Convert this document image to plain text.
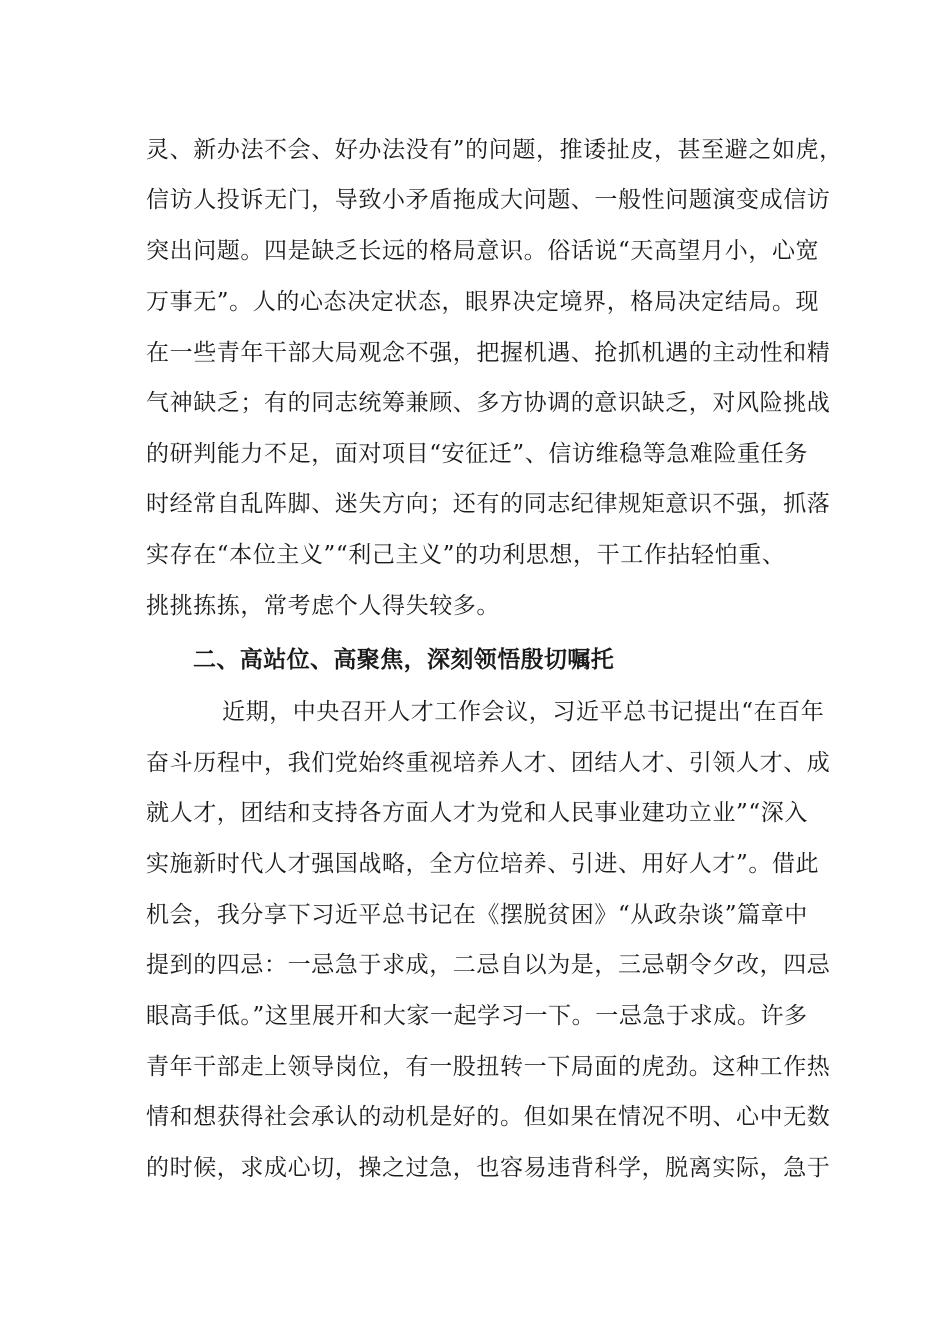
灵、新办法不会、好办法没有”的问题，推诿扯皮，甚至避之如虎，
信访人投诉无门，导致小矛盾拖成大问题、一般性问题演变成信访
突出问题。四是缺乏长远的格局意识。俗话说“天高望月小，心宽
万事无”。人的心态决定状态，眼界决定境界，格局决定结局。现
在一些青年干部大局观念不强，把握机遇、抢抓机遇的主动性和精
气神缺乏；有的同志统筹兼顾、多方协调的意识缺乏，对风险挑战
的研判能力不足，面对项目“安征迁”、信访维稳等急难险重任务
时经常自乱阵脚、迷失方向；还有的同志纪律规矩意识不强，抓落
实存在“本位主义”“利己主义”的功利思想，干工作拈轻怕重、
挑挑拣拣，常考虑个人得失较多。
二、高站位、高聚焦，深刻领悟殷切嘱托
近期，中央召开人才工作会议，习近平总书记提出“在百年
奋斗历程中，我们党始终重视培养人才、团结人才、引领人才、成
就人才，团结和支持各方面人才为党和人民事业建功立业”“深入
实施新时代人才强国战略，全方位培养、引进、用好人才”。借此
机会，我分享下习近平总书记在《摆脱贫困》“从政杂谈”篇章中
提到的四忌：一忌急于求成，二忌自以为是，三忌朝令夕改，四忌
眼高手低。”这里展开和大家一起学习一下。一忌急于求成。许多
青年干部走上领导岗位，有一股扭转一下局面的虎劲。这种工作热
情和想获得社会承认的动机是好的。但如果在情况不明、心中无数
的时候，求成心切，操之过急，也容易违背科学，脱离实际，急于
